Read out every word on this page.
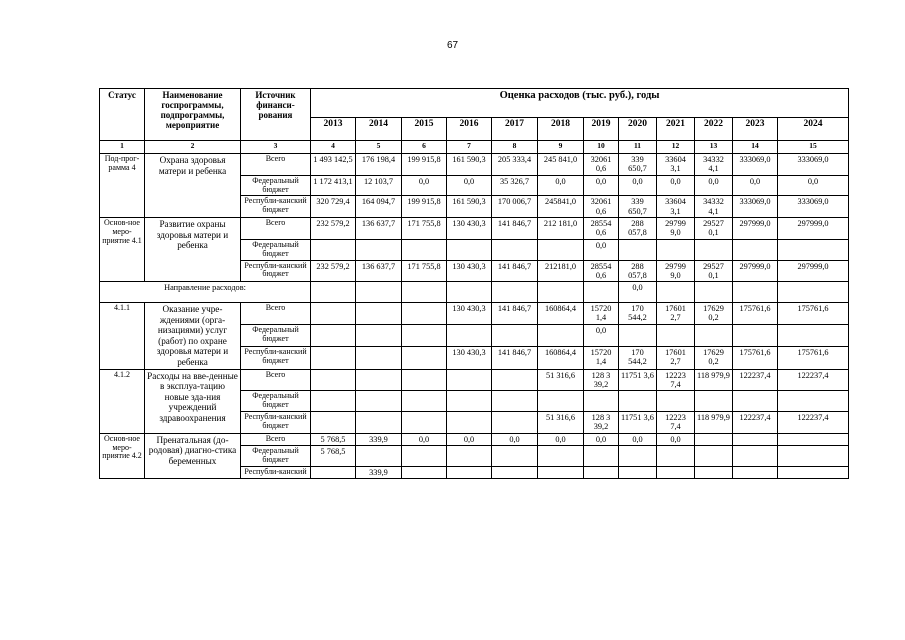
67
Статус	Наименование госпрограммы, подпрограммы, мероприятие	Источник финанси-рования	Оценка расходов (тыс. руб.), годы											
			2013	2014	2015	2016	2017	2018	2019	2020	2021	2022	2023	2024
1	2	3	4	5	6	7	8	9	10	11	12	13	14	15
Под-прог-рамма 4	Охрана здоровья матери и ребенка	Всего	1 493 142,5	176 198,4	199 915,8	161 590,3	205 333,4	245 841,0	32061 0,6	339 650,7	33604 3,1	34332 4,1	333069,0	333069,0
		Федеральный бюджет	1 172 413,1	12 103,7	0,0	0,0	35 326,7	0,0	0,0	0,0	0,0	0,0	0,0	0,0
		Республи-канский бюджет	320 729,4	164 094,7	199 915,8	161 590,3	170 006,7	245841,0	32061 0,6	339 650,7	33604 3,1	34332 4,1	333069,0	333069,0
Основ-ное меро-приятие 4.1	Развитие охраны здоровья матери и ребенка	Всего	232 579,2	136 637,7	171 755,8	130 430,3	141 846,7	212 181,0	28554 0,6	288 057,8	29799 9,0	29527 0,1	297999,0	297999,0
		Федеральный бюджет							0,0					
		Республи-канский бюджет	232 579,2	136 637,7	171 755,8	130 430,3	141 846,7	212181,0	28554 0,6	288 057,8	29799 9,0	29527 0,1	297999,0	297999,0
Направление расходов:										0,0				
4.1.1	Оказание учре-ждениями (орга-низациями) услуг (работ) по охране здоровья матери и ребенка	Всего				130 430,3	141 846,7	160864,4	15720 1,4	170 544,2	17601 2,7	17629 0,2	175761,6	175761,6
		Федеральный бюджет							0,0					
		Республи-канский бюджет				130 430,3	141 846,7	160864,4	15720 1,4	170 544,2	17601 2,7	17629 0,2	175761,6	175761,6
4.1.2	Расходы на вве-денные в эксплуа-тацию новые зда-ния учреждений здравоохранения	Всего						51 316,6	128 3 39,2	11751 3,6	12223 7,4	118 979,9	122237,4	122237,4
		Федеральный бюджет												
		Республи-канский бюджет						51 316,6	128 3 39,2	11751 3,6	12223 7,4	118 979,9	122237,4	122237,4
Основ-ное меро-приятие 4.2	Пренатальная (до-родовая) диагно-стика беременных	Всего	5 768,5	339,9	0,0	0,0	0,0	0,0	0,0	0,0	0,0			
		Федеральный бюджет	5 768,5											
		Республи-канский		339,9										
